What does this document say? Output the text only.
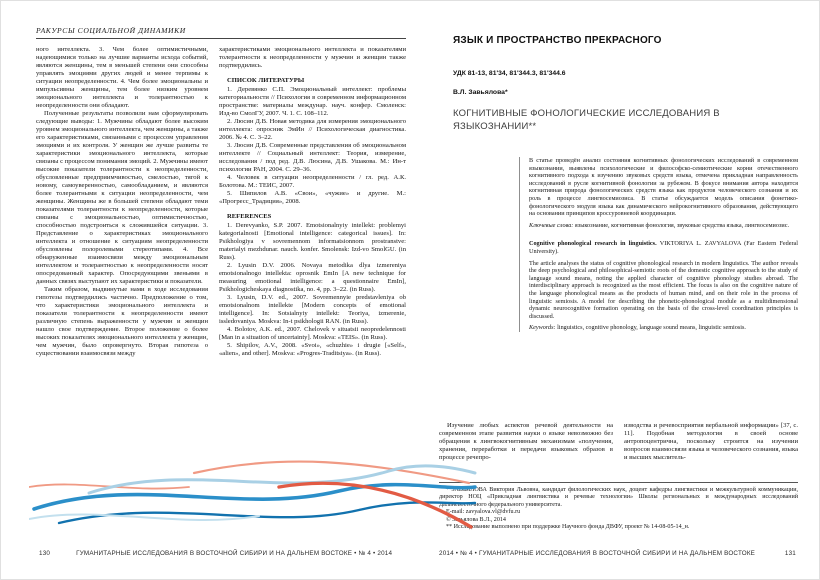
РАКУРСЫ СОЦИАЛЬНОЙ ДИНАМИКИ

ного интеллекта. 3. Чем более оптимистичными, надеющимися только на лучшие варианты исхода событий, являются женщины, тем в меньшей степени они способны управлять эмоциями других людей и менее терпимы к ситуации неопределенности. 4. Чем более эмоциональны и импульсивны женщины, тем более низким уровнем эмоционального интеллекта и толерантностью к неопределенности они обладают.

Полученные результаты позволили нам сформулировать следующие выводы: 1. Мужчины обладают более высоким уровнем эмоционального интеллекта, чем женщины, а также его характеристиками, связанными с процессом управления эмоциями и их контроля. У женщин же лучше развиты те характеристики эмоционального интеллекта, которые связаны с процессом понимания эмоций. 2. Мужчины имеют высокие показатели толерантности к неопределенности, обусловленные предприимчивостью, смелостью, тягой к новому, самоуверенностью, самообладанием, и являются более толерантными к ситуации неопределенности, чем женщины. Женщины же в большей степени обладают теми показателями толерантности к неопределенности, которые связаны с эмоциональностью, оптимистичностью, способностью подстроиться к сложившейся ситуации. 3. Представление о характеристиках эмоционального интеллекта и отношение к ситуациям неопределенности обусловлены полоролевыми стереотипами. 4. Все обнаруженные взаимосвязи между эмоциональным интеллектом и толерантностью к неопределенности носят опосредованный характер. Опосредующими звеньями в данных связях выступают их характеристики и показатели.

Таким образом, выдвинутые нами в ходе исследования гипотезы подтвердились частично. Предположение о том, что характеристики эмоционального интеллекта и показатели толерантности к неопределенности имеют различную степень выраженности у мужчин и женщин нашло свое подтверждение. Второе положение о более высоких показателях эмоционального интеллекта у женщин, чем мужчин, было опровергнуто. Вторая гипотеза о существовании взаимосвязи между

характеристиками эмоционального интеллекта и показателями толерантности к неопределенности у мужчин и женщин также подтвердились.

СПИСОК ЛИТЕРАТУРЫ

1. Деревянко С.П. Эмоциональный интеллект: проблемы категориальности // Психология в современном информационном пространстве: материалы междунар. науч. конфер. Смоленск: Изд-во СмолГУ, 2007. Ч. 1. С. 108–112.

2. Люсин Д.В. Новая методика для измерения эмоционального интеллекта: опросник ЭмИн // Психологическая диагностика. 2006. № 4. С. 3–22.

3. Люсин Д.В. Современные представления об эмоциональном интеллекте // Социальный интеллект: Теория, измерение, исследования / под ред. Д.В. Люсина, Д.В. Ушакова. М.: Ин-т психологии РАН, 2004. С. 29–36.

4. Человек в ситуации неопределенности / гл. ред. А.К. Болотова. М.: ТЕИС, 2007.

5. Шипилов А.В. «Свои», «чужие» и другие. М.: «Прогресс_Традиция», 2008.

REFERENCES

1. Derevyanko, S.P. 2007. Emotsionalnyiy intellekt: problemyi kategorialnosti [Emotional intelligence: categorical issues]. In: Psikhologiya v sovremennom informatsionnom prostranstve: materialyi mezhdunar. nauch. konfer. Smolensk: Izd-vo SmolGU. (in Russ).

2. Lyusin D.V. 2006. Novaya metodika dlya izmereniya emotsionalnogo intellekta: oprosnik EmIn [A new technique for measuring emotional intelligence: a questionnaire EmIn], Psikhologicheskaya diagnostika, no. 4, pp. 3–22. (in Russ).

3. Lyusin, D.V. ed., 2007. Sovremennyie predstavleniya ob emotsionalnom intellekte [Modern concepts of emotional intelligence]. In: Sotsialnyiy intellekt: Teoriya, izmerenie, issledovaniya. Moskva: In-t psikhologii RAN. (in Russ).

4. Bolotov, A.K. ed., 2007. Chelovek v situatsii neopredelennosti [Man in a situation of uncertainty]. Moskva: «TEIS». (in Russ).

5. Shipilov, A.V., 2008. «Svoi», «chuzhie» i drugie [«Self», «alien», and other]. Moskva: «Progres-Traditsiya». (in Russ).

130	ГУМАНИТАРНЫЕ ИССЛЕДОВАНИЯ В ВОСТОЧНОЙ СИБИРИ И НА ДАЛЬНЕМ ВОСТОКЕ • № 4 • 2014
ЯЗЫК И ПРОСТРАНСТВО ПРЕКРАСНОГО
УДК 81-13, 81'34, 81'344.3, 81'344.6
В.Л. Завьялова*
КОГНИТИВНЫЕ ФОНОЛОГИЧЕСКИЕ ИССЛЕДОВАНИЯ В ЯЗЫКОЗНАНИИ**

В статье проведён анализ состояния когнитивных фонологических исследований в современном языкознании, выявлены психологические и философско-семиотические корни отечественного когнитивного подхода к изучению звуковых средств языка, отмечена прикладная направленность исследований в русле когнитивной фонологии за рубежом. В фокусе внимания автора находится когнитивная природа фонологических средств языка как продуктов человеческого сознания и их роль в процессе лингвосемиозиса. В статье обсуждается модель описания фонетико-фонологического модуля языка как динамического нейрокогнитивного образования, действующего на основании принципов кроссуровневой координации.

Ключевые слова: языкознание, когнитивная фонология, звуковые средства языка, лингвосемиозис.

Cognitive phonological research in linguistics. VIKTORIYA L. ZAVYALOVA (Far Eastern Federal University).

The article analyses the status of cognitive phonological research in modern linguistics. The author reveals the deep psychological and philosophical-semiotic roots of the domestic cognitive approach to the study of language sound means, noting the applied character of cognitive phonology studies abroad. The interdisciplinary approach is recognized as the most efficient. The focus is also on the cognitive nature of the language phonological means as the products of human mind, and on their role in the process of linguistic semiosis. A model for describing the phonetic-phonological module as a multidimensional dynamic neurocognitive formation operating on the basis of the cross-level coordination principles is discussed.

Keywords: linguistics, cognitive phonology, language sound means, linguistic semiosis.

Изучение любых аспектов речевой деятельности на современном этапе развития науки о языке невозможно без обращения к лингвокогнитивным механизмам «получения, хранения, переработки и передачи языковых образов в процессе речепро-

изводства и речевосприятия вербальной информации» [37, с. 11]. Подобная методология в своей основе антропоцентрична, поскольку строится на изучении вопросов взаимосвязи языка и человеческого сознания, языка и высших мыслитель-

* ЗАВЬЯЛОВА Виктория Львовна, кандидат филологических наук, доцент кафедры лингвистики и межкультурной коммуникации, директор НОЦ «Прикладная лингвистика и речевые технологии» Школы региональных и международных исследований Дальневосточного федерального университета.

E-mail: zavyalova.vl@dvfu.ru

© Завьялова В.Л., 2014

** Исследование выполнено при поддержке Научного фонда ДВФУ, проект № 14-08-05-14_н.

2014 • № 4 • ГУМАНИТАРНЫЕ ИССЛЕДОВАНИЯ В ВОСТОЧНОЙ СИБИРИ И НА ДАЛЬНЕМ ВОСТОКЕ	131
